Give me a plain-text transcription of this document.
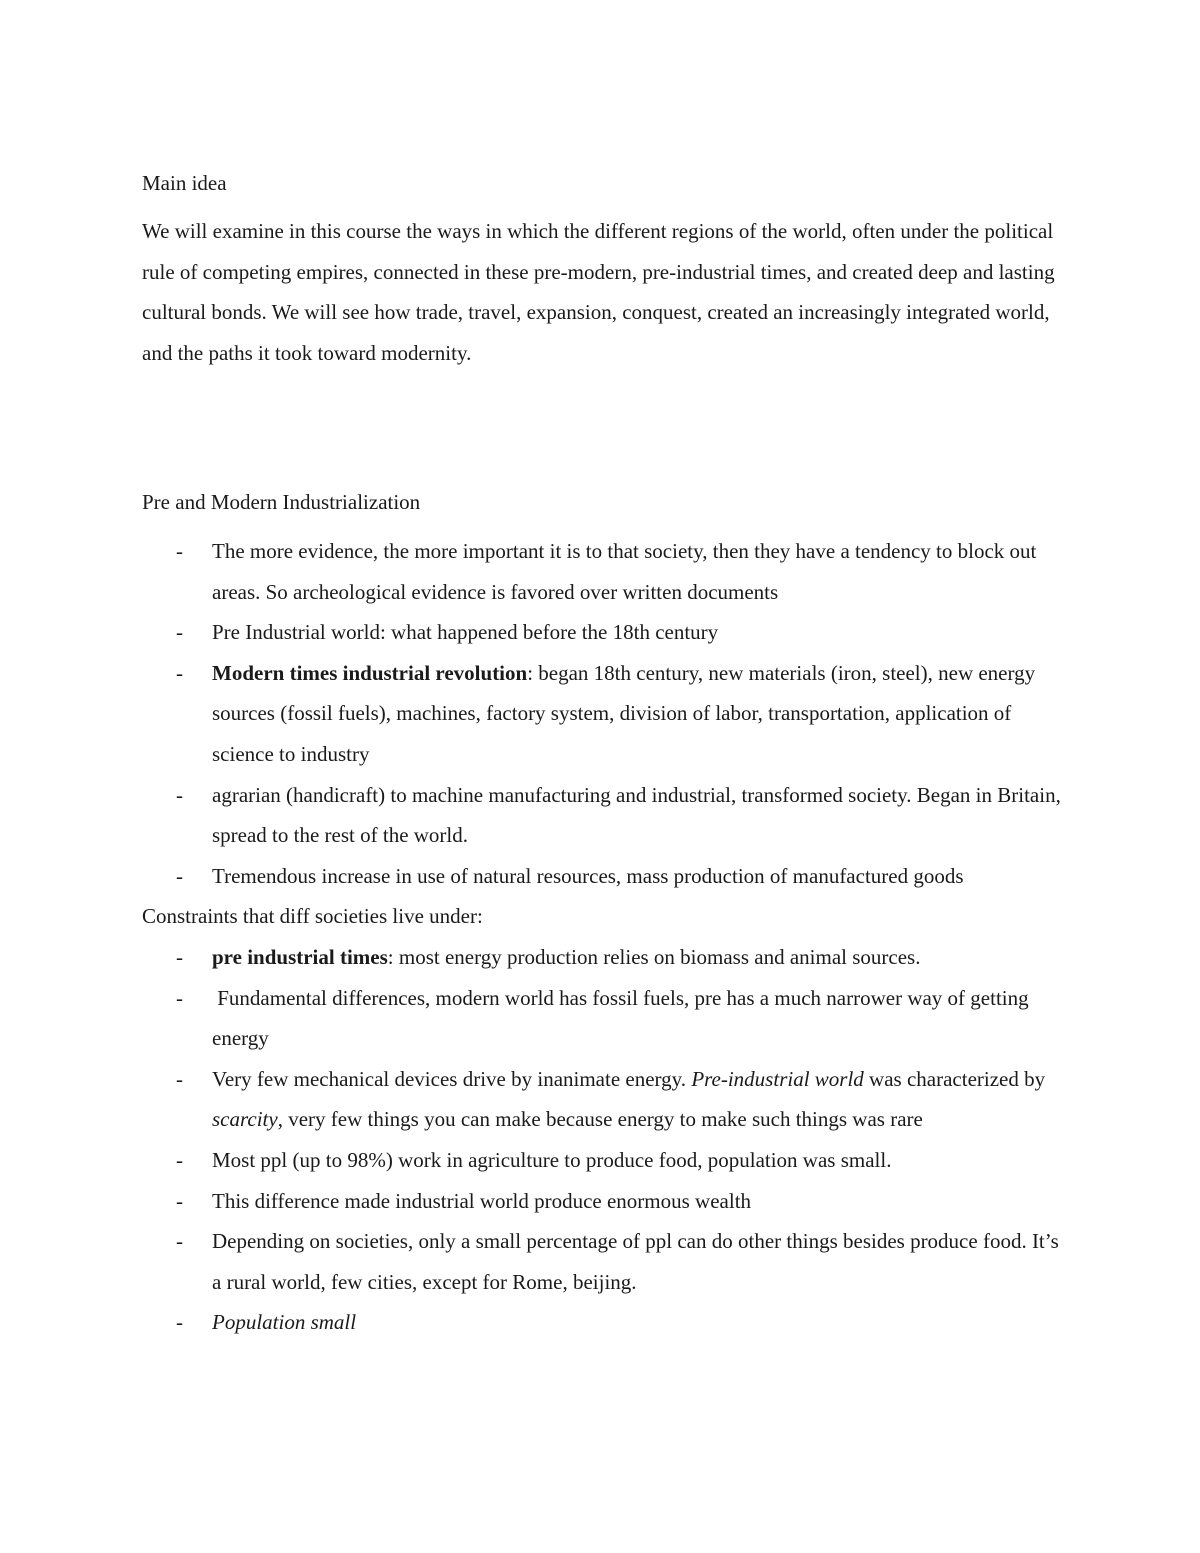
Main idea
We will examine in this course the ways in which the different regions of the world, often under the political rule of competing empires, connected in these pre-modern, pre-industrial times, and created deep and lasting cultural bonds. We will see how trade, travel, expansion, conquest, created an increasingly integrated world, and the paths it took toward modernity.
Pre and Modern Industrialization
- The more evidence, the more important it is to that society, then they have a tendency to block out areas. So archeological evidence is favored over written documents
- Pre Industrial world: what happened before the 18th century
- Modern times industrial revolution: began 18th century, new materials (iron, steel), new energy sources (fossil fuels), machines, factory system, division of labor, transportation, application of science to industry
- agrarian (handicraft) to machine manufacturing and industrial, transformed society. Began in Britain, spread to the rest of the world.
- Tremendous increase in use of natural resources, mass production of manufactured goods
Constraints that diff societies live under:
- pre industrial times: most energy production relies on biomass and animal sources.
- Fundamental differences, modern world has fossil fuels, pre has a much narrower way of getting energy
- Very few mechanical devices drive by inanimate energy. Pre-industrial world was characterized by scarcity, very few things you can make because energy to make such things was rare
- Most ppl (up to 98%) work in agriculture to produce food, population was small.
- This difference made industrial world produce enormous wealth
- Depending on societies, only a small percentage of ppl can do other things besides produce food. It’s a rural world, few cities, except for Rome, beijing.
- Population small
